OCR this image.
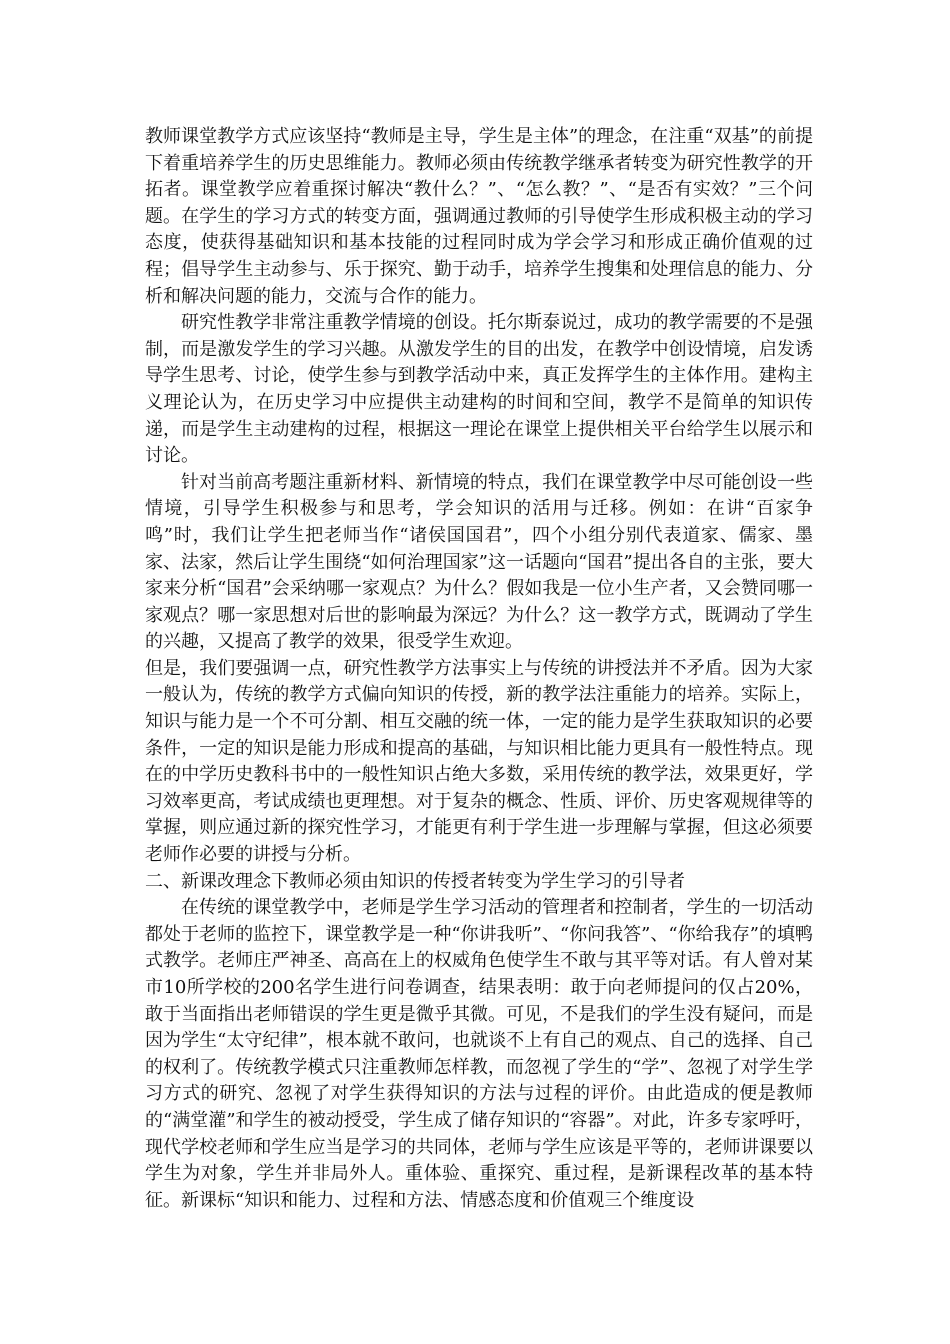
教师课堂教学方式应该坚持“教师是主导，学生是主体”的理念，在注重“双基”的前提下着重培养学生的历史思维能力。教师必须由传统教学继承者转变为研究性教学的开拓者。课堂教学应着重探讨解决“教什么？”、“怎么教？”、“是否有实效？”三个问题。在学生的学习方式的转变方面，强调通过教师的引导使学生形成积极主动的学习态度，使获得基础知识和基本技能的过程同时成为学会学习和形成正确价值观的过程；倡导学生主动参与、乐于探究、勤于动手，培养学生搜集和处理信息的能力、分析和解决问题的能力，交流与合作的能力。

研究性教学非常注重教学情境的创设。托尔斯泰说过，成功的教学需要的不是强制，而是激发学生的学习兴趣。从激发学生的目的出发，在教学中创设情境，启发诱导学生思考、讨论，使学生参与到教学活动中来，真正发挥学生的主体作用。建构主义理论认为，在历史学习中应提供主动建构的时间和空间，教学不是简单的知识传递，而是学生主动建构的过程，根据这一理论在课堂上提供相关平台给学生以展示和讨论。

针对当前高考题注重新材料、新情境的特点，我们在课堂教学中尽可能创设一些情境，引导学生积极参与和思考，学会知识的活用与迁移。例如：在讲“百家争鸣”时，我们让学生把老师当作“诸侯国国君”，四个小组分别代表道家、儒家、墨家、法家，然后让学生围绕“如何治理国家”这一话题向“国君”提出各自的主张，要大家来分析“国君”会采纳哪一家观点？为什么？假如我是一位小生产者，又会赞同哪一家观点？哪一家思想对后世的影响最为深远？为什么？这一教学方式，既调动了学生的兴趣，又提高了教学的效果，很受学生欢迎。

但是，我们要强调一点，研究性教学方法事实上与传统的讲授法并不矛盾。因为大家一般认为，传统的教学方式偏向知识的传授，新的教学法注重能力的培养。实际上，知识与能力是一个不可分割、相互交融的统一体，一定的能力是学生获取知识的必要条件，一定的知识是能力形成和提高的基础，与知识相比能力更具有一般性特点。现在的中学历史教科书中的一般性知识占绝大多数，采用传统的教学法，效果更好，学习效率更高，考试成绩也更理想。对于复杂的概念、性质、评价、历史客观规律等的掌握，则应通过新的探究性学习，才能更有利于学生进一步理解与掌握，但这必须要老师作必要的讲授与分析。

二、新课改理念下教师必须由知识的传授者转变为学生学习的引导者

在传统的课堂教学中，老师是学生学习活动的管理者和控制者，学生的一切活动都处于老师的监控下，课堂教学是一种“你讲我听”、“你问我答”、“你给我存”的填鸭式教学。老师庄严神圣、高高在上的权威角色使学生不敢与其平等对话。有人曾对某市10所学校的200名学生进行问卷调查，结果表明：敢于向老师提问的仅占20%，敢于当面指出老师错误的学生更是微乎其微。可见，不是我们的学生没有疑问，而是因为学生“太守纪律”，根本就不敢问，也就谈不上有自己的观点、自己的选择、自己的权利了。传统教学模式只注重教师怎样教，而忽视了学生的“学”、忽视了对学生学习方式的研究、忽视了对学生获得知识的方法与过程的评价。由此造成的便是教师的“满堂灌”和学生的被动授受，学生成了储存知识的“容器”。对此，许多专家呼吁，现代学校老师和学生应当是学习的共同体，老师与学生应该是平等的，老师讲课要以学生为对象，学生并非局外人。重体验、重探究、重过程，是新课程改革的基本特征。新课标“知识和能力、过程和方法、情感态度和价值观三个维度设
